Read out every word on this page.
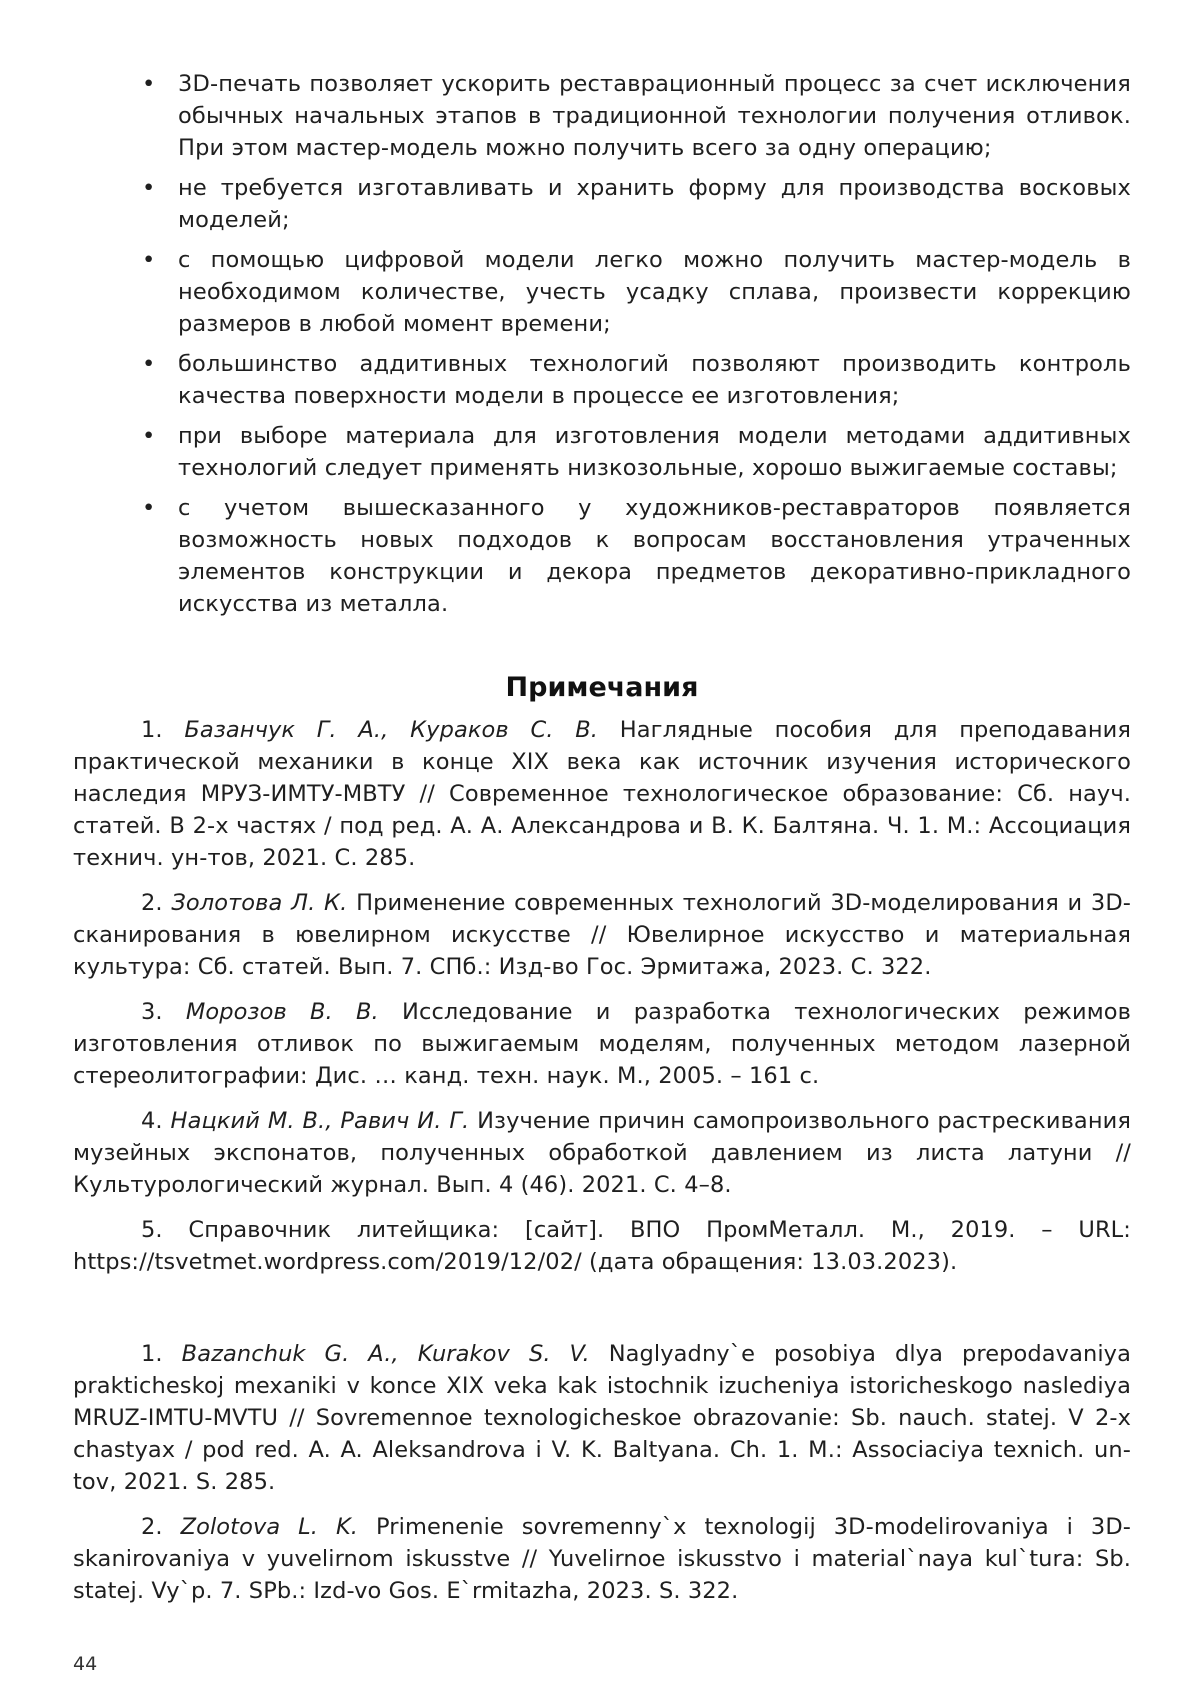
• 3D-печать позволяет ускорить реставрационный процесс за счет исключения обычных начальных этапов в традиционной технологии получения отливок. При этом мастер-модель можно получить всего за одну операцию;
• не требуется изготавливать и хранить форму для производства восковых моделей;
• с помощью цифровой модели легко можно получить мастер-модель в необходимом количестве, учесть усадку сплава, произвести коррекцию размеров в любой момент времени;
• большинство аддитивных технологий позволяют производить контроль качества поверхности модели в процессе ее изготовления;
• при выборе материала для изготовления модели методами аддитивных технологий следует применять низкозольные, хорошо выжигаемые составы;
• с учетом вышесказанного у художников-реставраторов появляется возможность новых подходов к вопросам восстановления утраченных элементов конструкции и декора предметов декоративно-прикладного искусства из металла.
Примечания

1. Базанчук Г. А., Кураков С. В. Наглядные пособия для преподавания практической механики в конце XIX века как источник изучения исторического наследия МРУЗ-ИМТУ-МВТУ // Современное технологическое образование: Сб. науч. статей. В 2-х частях / под ред. А. А. Александрова и В. К. Балтяна. Ч. 1. М.: Ассоциация технич. ун-тов, 2021. С. 285.

2. Золотова Л. К. Применение современных технологий 3D-моделирования и 3D- сканирования в ювелирном искусстве // Ювелирное искусство и материальная культура: Сб. статей. Вып. 7. СПб.: Изд-во Гос. Эрмитажа, 2023. С. 322.

3. Морозов В. В. Исследование и разработка технологических режимов изготовления отливок по выжигаемым моделям, полученных методом лазерной стереолитографии: Дис. … канд. техн. наук. М., 2005. – 161 с.

4. Нацкий М. В., Равич И. Г. Изучение причин самопроизвольного растрескивания музейных экспонатов, полученных обработкой давлением из листа латуни // Культурологический журнал. Вып. 4 (46). 2021. С. 4–8.

5. Справочник литейщика: [сайт]. ВПО ПромМеталл. М., 2019. – URL: https://tsvetmet.wordpress.com/2019/12/02/ (дата обращения: 13.03.2023).

1. Bazanchuk G. A., Kurakov S. V. Naglyadny`e posobiya dlya prepodavaniya prakticheskoj mexaniki v konce XIX veka kak istochnik izucheniya istoricheskogo naslediya MRUZ-IMTU-MVTU // Sovremennoe texnologicheskoe obrazovanie: Sb. nauch. statej. V 2-x chastyax / pod red. A. A. Aleksandrova i V. K. Baltyana. Ch. 1. M.: Associaciya texnich. un-tov, 2021. S. 285.

2. Zolotova L. K. Primenenie sovremenny`x texnologij 3D-modelirovaniya i 3D-skanirovaniya v yuvelirnom iskusstve // Yuvelirnoe iskusstvo i material`naya kul`tura: Sb. statej. Vy`p. 7. SPb.: Izd-vo Gos. E`rmitazha, 2023. S. 322.

44
